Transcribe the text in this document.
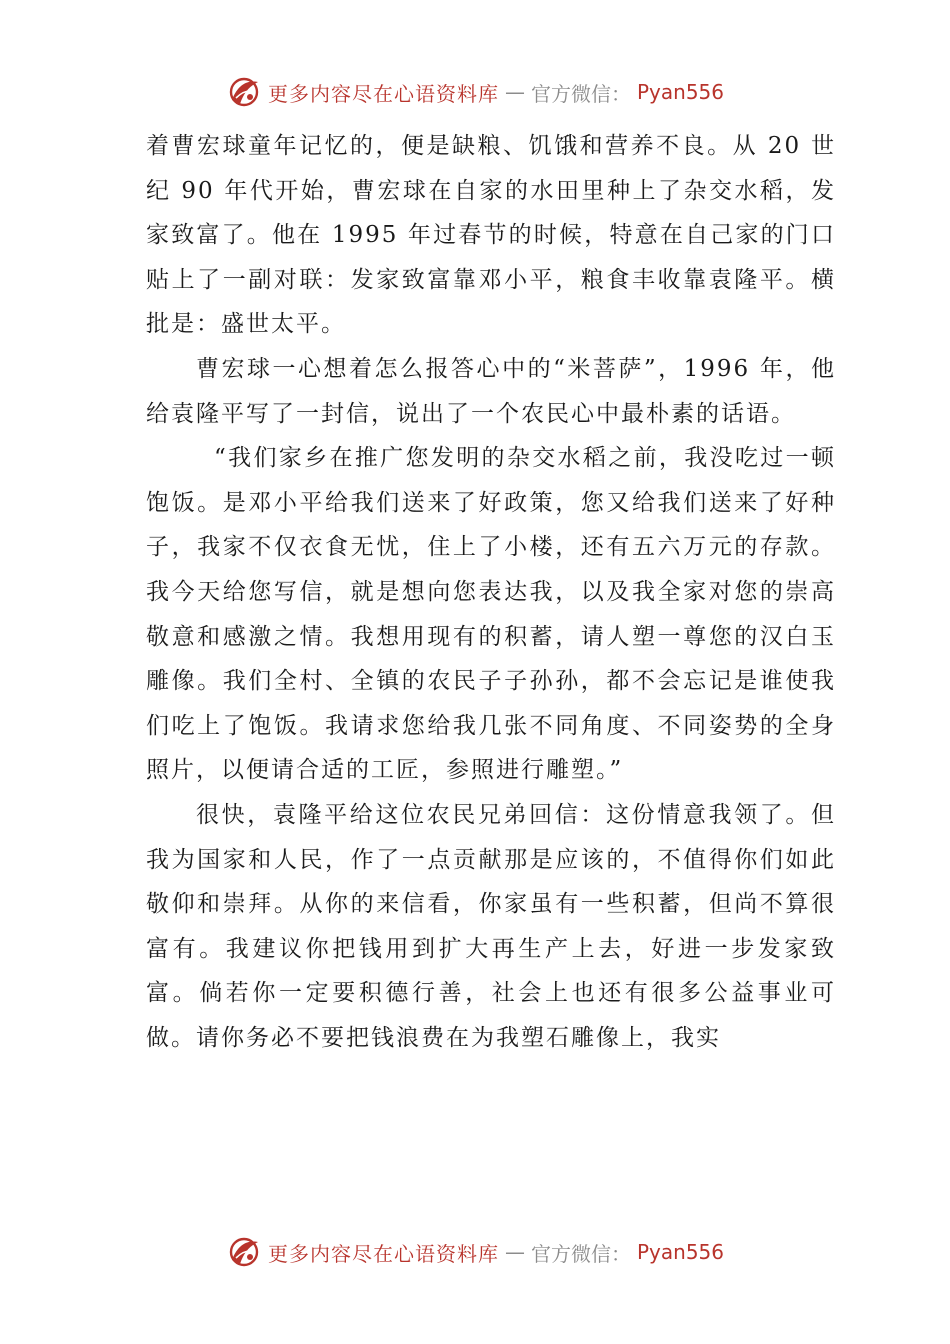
更多内容尽在心语资料库 — 官方微信： Pyan556

着曹宏球童年记忆的，便是缺粮、饥饿和营养不良。从 20 世纪 90 年代开始，曹宏球在自家的水田里种上了杂交水稻，发家致富了。他在 1995 年过春节的时候，特意在自己家的门口贴上了一副对联：发家致富靠邓小平，粮食丰收靠袁隆平。横批是：盛世太平。

曹宏球一心想着怎么报答心中的“米菩萨”，1996 年，他给袁隆平写了一封信，说出了一个农民心中最朴素的话语。

“我们家乡在推广您发明的杂交水稻之前，我没吃过一顿饱饭。是邓小平给我们送来了好政策，您又给我们送来了好种子，我家不仅衣食无忧，住上了小楼，还有五六万元的存款。我今天给您写信，就是想向您表达我，以及我全家对您的崇高敬意和感激之情。我想用现有的积蓄，请人塑一尊您的汉白玉雕像。我们全村、全镇的农民子子孙孙，都不会忘记是谁使我们吃上了饱饭。我请求您给我几张不同角度、不同姿势的全身照片，以便请合适的工匠，参照进行雕塑。”

很快，袁隆平给这位农民兄弟回信：这份情意我领了。但我为国家和人民，作了一点贡献那是应该的，不值得你们如此敬仰和崇拜。从你的来信看，你家虽有一些积蓄，但尚不算很富有。我建议你把钱用到扩大再生产上去，好进一步发家致富。倘若你一定要积德行善，社会上也还有很多公益事业可做。请你务必不要把钱浪费在为我塑石雕像上，我实

更多内容尽在心语资料库 — 官方微信： Pyan556
